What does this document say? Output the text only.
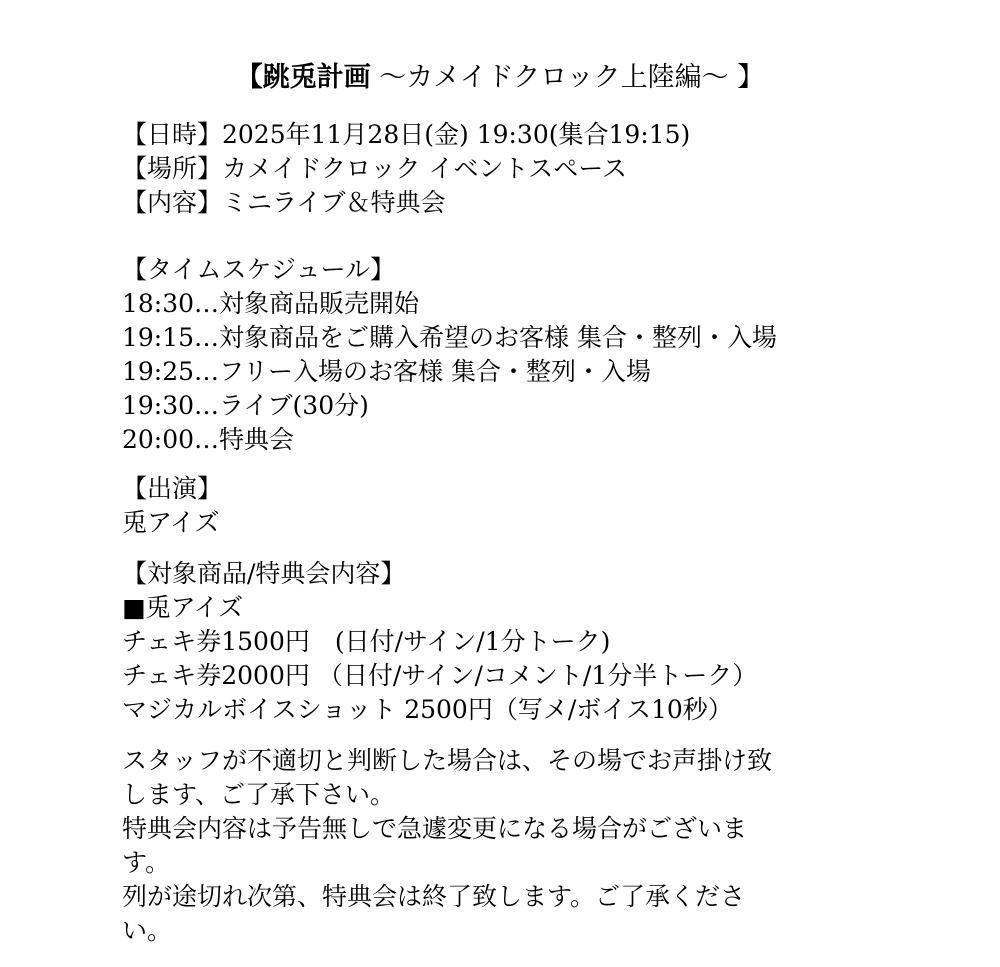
【跳兎計画 〜カメイドクロック上陸編〜 】
【日時】2025年11月28日(金) 19:30(集合19:15)
【場所】カメイドクロック イベントスペース
【内容】ミニライブ＆特典会
【タイムスケジュール】
18:30…対象商品販売開始
19:15…対象商品をご購入希望のお客様 集合・整列・入場
19:25…フリー入場のお客様 集合・整列・入場
19:30…ライブ(30分)
20:00…特典会
【出演】
兎アイズ
【対象商品/特典会内容】
■兎アイズ
チェキ券1500円　(日付/サイン/1分トーク)
チェキ券2000円 （日付/サイン/コメント/1分半トーク）
マジカルボイスショット 2500円（写メ/ボイス10秒）
スタッフが不適切と判断した場合は、その場でお声掛け致
します、ご了承下さい。
特典会内容は予告無しで急遽変更になる場合がございま
す。
列が途切れ次第、特典会は終了致します。ご了承くださ
い。
